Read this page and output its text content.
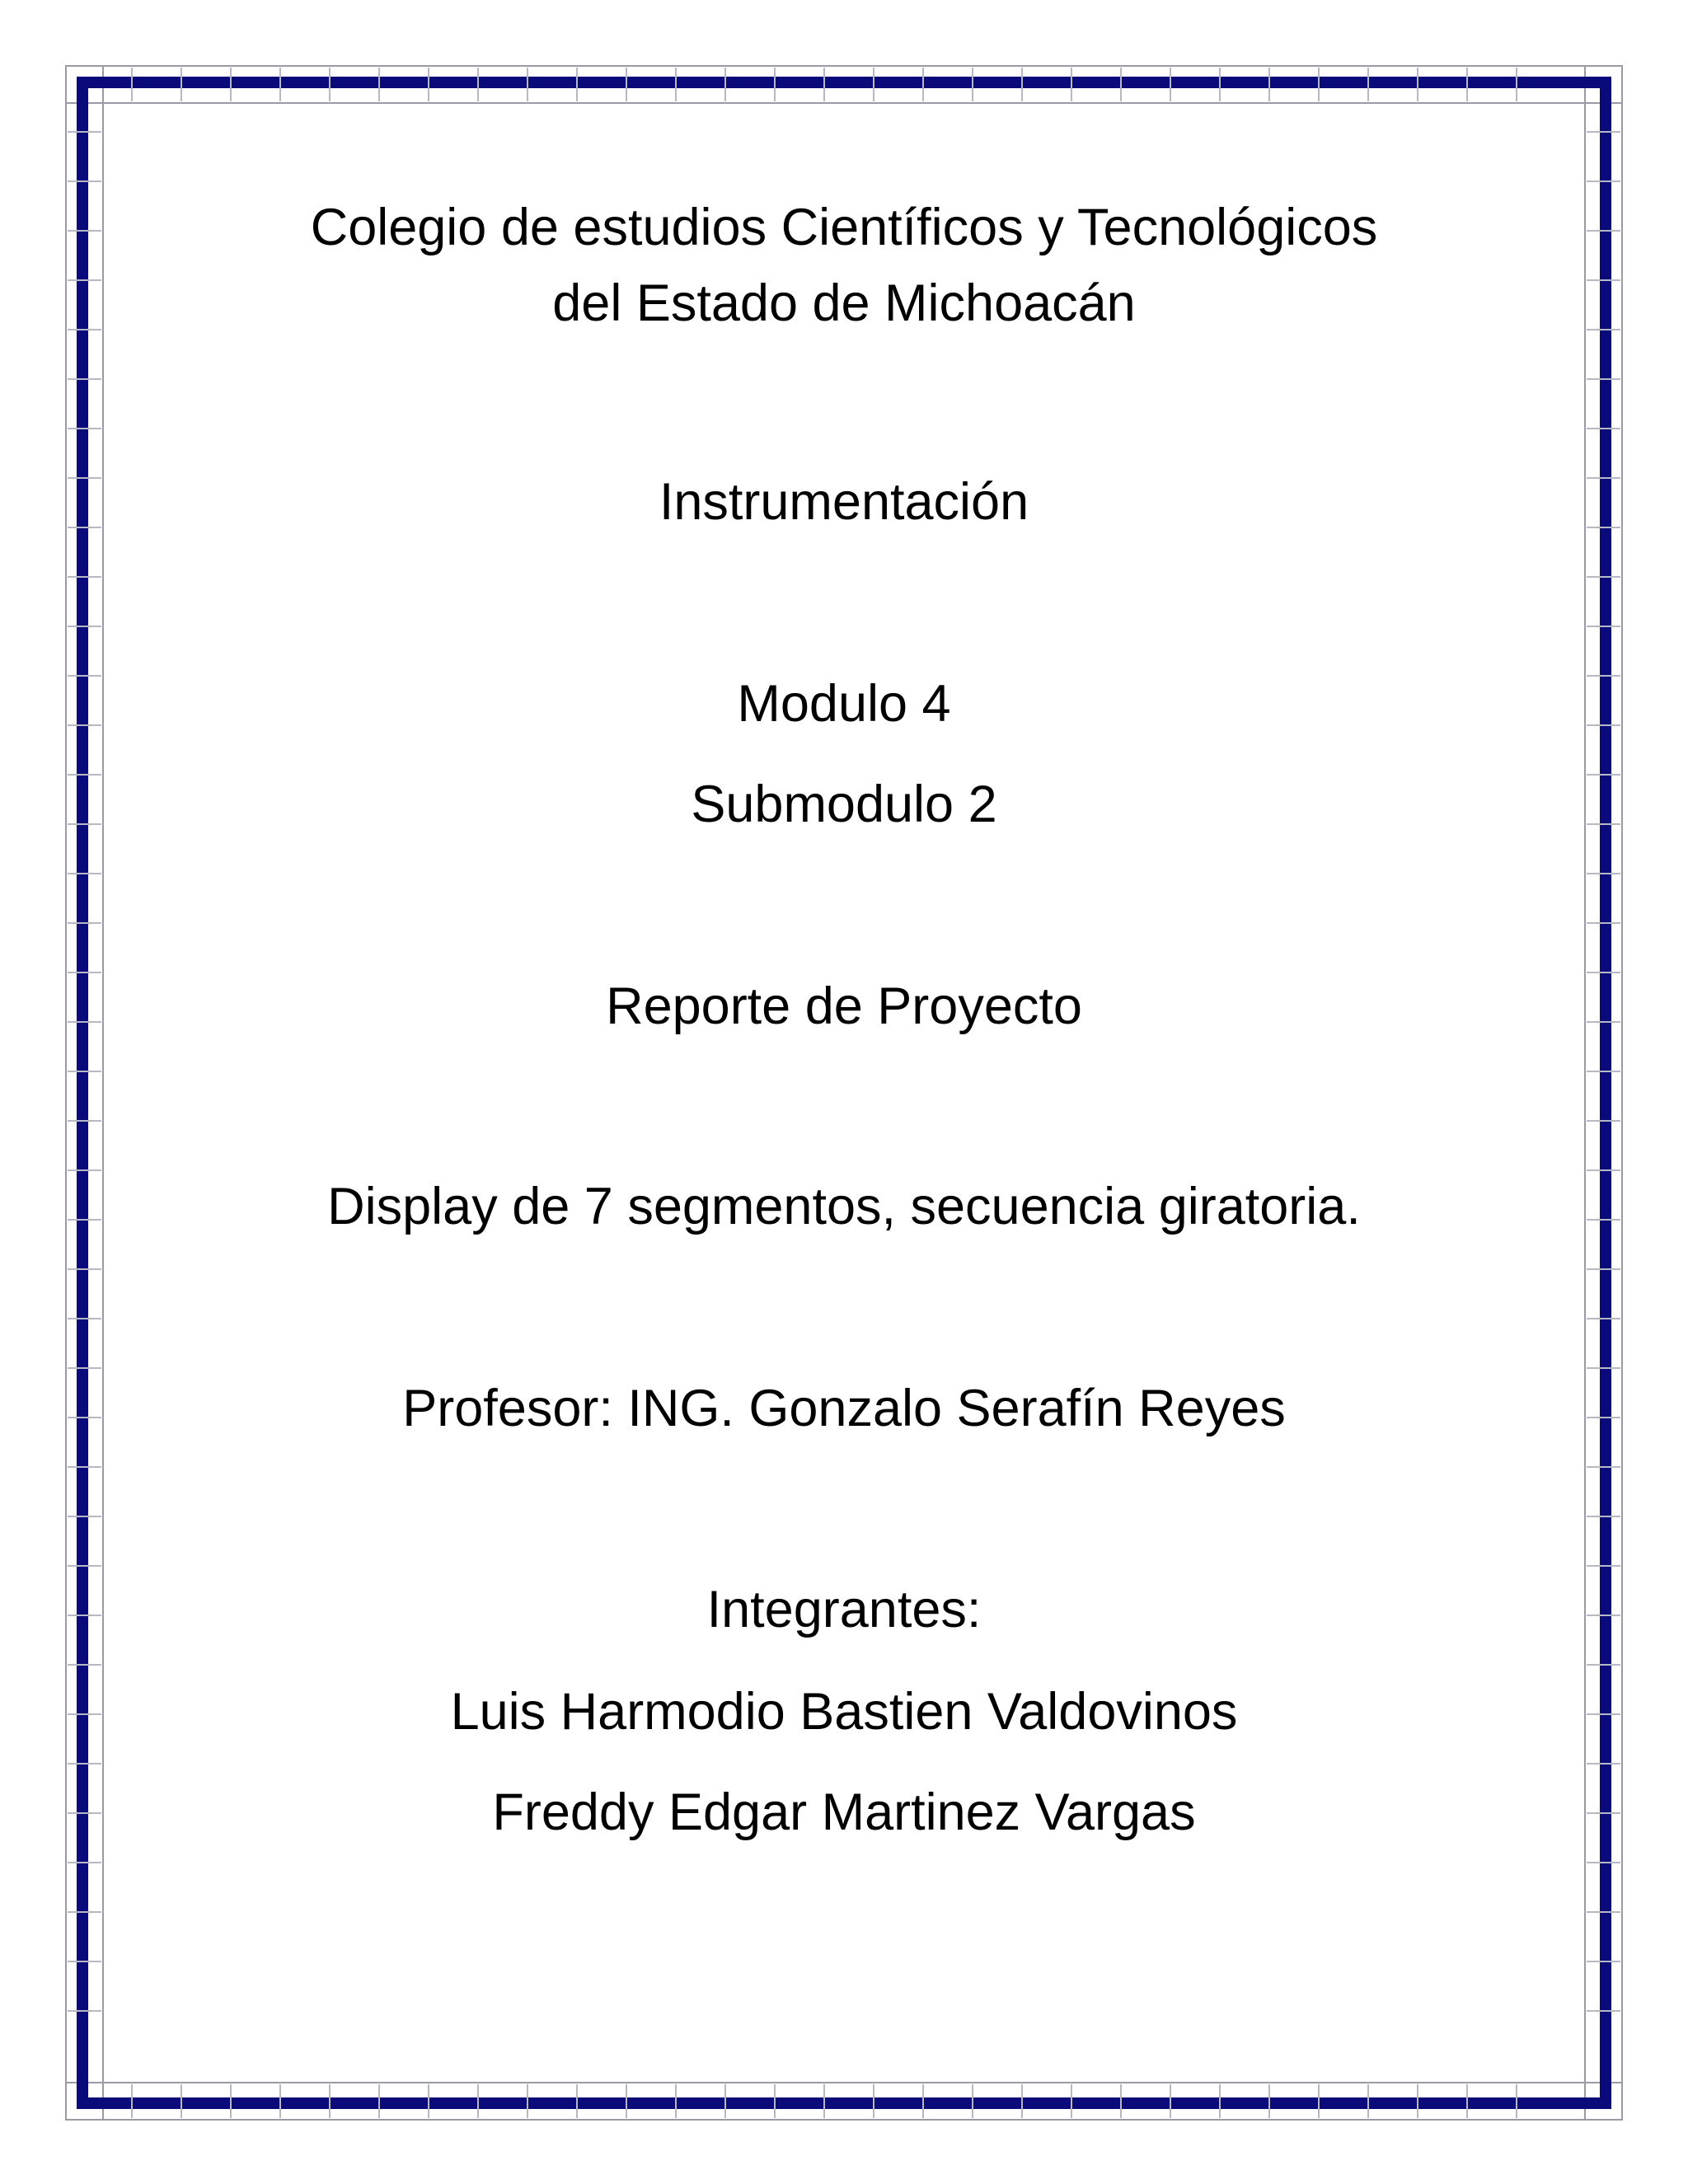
Colegio de estudios Científicos y Tecnológicos
del Estado de Michoacán
Instrumentación
Modulo 4
Submodulo 2
Reporte de Proyecto
Display de 7 segmentos, secuencia giratoria.
Profesor: ING. Gonzalo Serafín Reyes
Integrantes:
Luis Harmodio Bastien Valdovinos
Freddy Edgar Martinez Vargas
